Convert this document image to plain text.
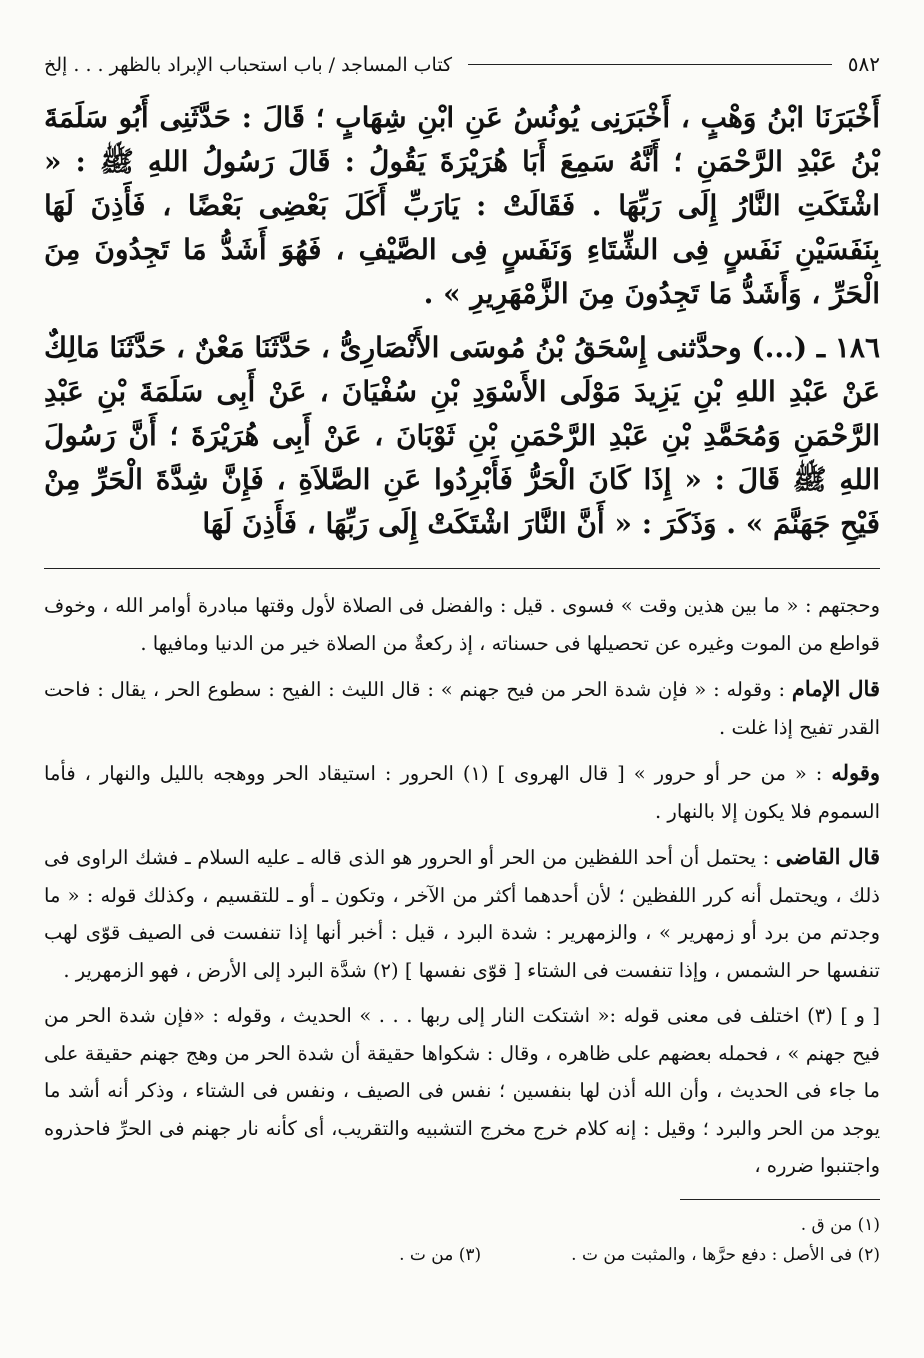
٥٨٢
كتاب المساجد / باب استحباب الإبراد بالظهر . . . إلخ

أَخْبَرَنَا ابْنُ وَهْبٍ ، أَخْبَرَنِى يُونُسُ عَنِ ابْنِ شِهَابٍ ؛ قَالَ : حَدَّثَنِى أَبُو سَلَمَةَ بْنُ عَبْدِ الرَّحْمَنِ ؛ أَنَّهُ سَمِعَ أَبَا هُرَيْرَةَ يَقُولُ : قَالَ رَسُولُ اللهِ ﷺ : « اشْتَكَتِ النَّارُ إِلَى رَبِّهَا . فَقَالَتْ : يَارَبِّ أَكَلَ بَعْضِى بَعْضًا ، فَأَذِنَ لَهَا بِنَفَسَيْنِ نَفَسٍ فِى الشِّتَاءِ وَنَفَسٍ فِى الصَّيْفِ ، فَهُوَ أَشَدُّ مَا تَجِدُونَ مِنَ الْحَرِّ ، وَأَشَدُّ مَا تَجِدُونَ مِنَ الزَّمْهَرِيرِ » .

١٨٦ ـ (...) وحدَّثنى إِسْحَقُ بْنُ مُوسَى الأَنْصَارِىُّ ، حَدَّثَنَا مَعْنٌ ، حَدَّثَنَا مَالِكٌ عَنْ عَبْدِ اللهِ بْنِ يَزِيدَ مَوْلَى الأَسْوَدِ بْنِ سُفْيَانَ ، عَنْ أَبِى سَلَمَةَ بْنِ عَبْدِ الرَّحْمَنِ وَمُحَمَّدِ بْنِ عَبْدِ الرَّحْمَنِ بْنِ ثَوْبَانَ ، عَنْ أَبِى هُرَيْرَةَ ؛ أَنَّ رَسُولَ اللهِ ﷺ قَالَ : « إِذَا كَانَ الْحَرُّ فَأَبْرِدُوا عَنِ الصَّلاَةِ ، فَإِنَّ شِدَّةَ الْحَرِّ مِنْ فَيْحِ جَهَنَّمَ » . وَذَكَرَ : « أَنَّ النَّارَ اشْتَكَتْ إِلَى رَبِّهَا ، فَأَذِنَ لَهَا

وحجتهم : « ما بين هذين وقت » فسوى . قيل : والفضل فى الصلاة لأول وقتها مبادرة أوامر الله ، وخوف قواطع من الموت وغيره عن تحصيلها فى حسناته ، إذ ركعةٌ من الصلاة خير من الدنيا ومافيها .

قال الإمام : وقوله : « فإن شدة الحر من فيح جهنم » : قال الليث : الفيح : سطوع الحر ، يقال : فاحت القدر تفيح إذا غلت .

وقوله : « من حر أو حرور » [ قال الهروى ] (١) الحرور : استيقاد الحر ووهجه بالليل والنهار ، فأما السموم فلا يكون إلا بالنهار .

قال القاضى : يحتمل أن أحد اللفظين من الحر أو الحرور هو الذى قاله ـ عليه السلام ـ فشك الراوى فى ذلك ، ويحتمل أنه كرر اللفظين ؛ لأن أحدهما أكثر من الآخر ، وتكون ـ أو ـ للتقسيم ، وكذلك قوله : « ما وجدتم من برد أو زمهرير » ، والزمهرير : شدة البرد ، قيل : أخبر أنها إذا تنفست فى الصيف قوّى لهب تنفسها حر الشمس ، وإذا تنفست فى الشتاء [ قوّى نفسها ] (٢) شدَّة البرد إلى الأرض ، فهو الزمهرير .

[ و ] (٣) اختلف فى معنى قوله :« اشتكت النار إلى ربها . . . » الحديث ، وقوله : «فإن شدة الحر من فيح جهنم » ، فحمله بعضهم على ظاهره ، وقال : شكواها حقيقة أن شدة الحر من وهج جهنم حقيقة على ما جاء فى الحديث ، وأن الله أذن لها بنفسين ؛ نفس فى الصيف ، ونفس فى الشتاء ، وذكر أنه أشد ما يوجد من الحر والبرد ؛ وقيل : إنه كلام خرج مخرج التشبيه والتقريب، أى كأنه نار جهنم فى الحرِّ فاحذروه واجتنبوا ضرره ،

(١) من ق .
(٢) فى الأصل : دفع حرَّها ، والمثبت من ت .
(٣) من ت .
